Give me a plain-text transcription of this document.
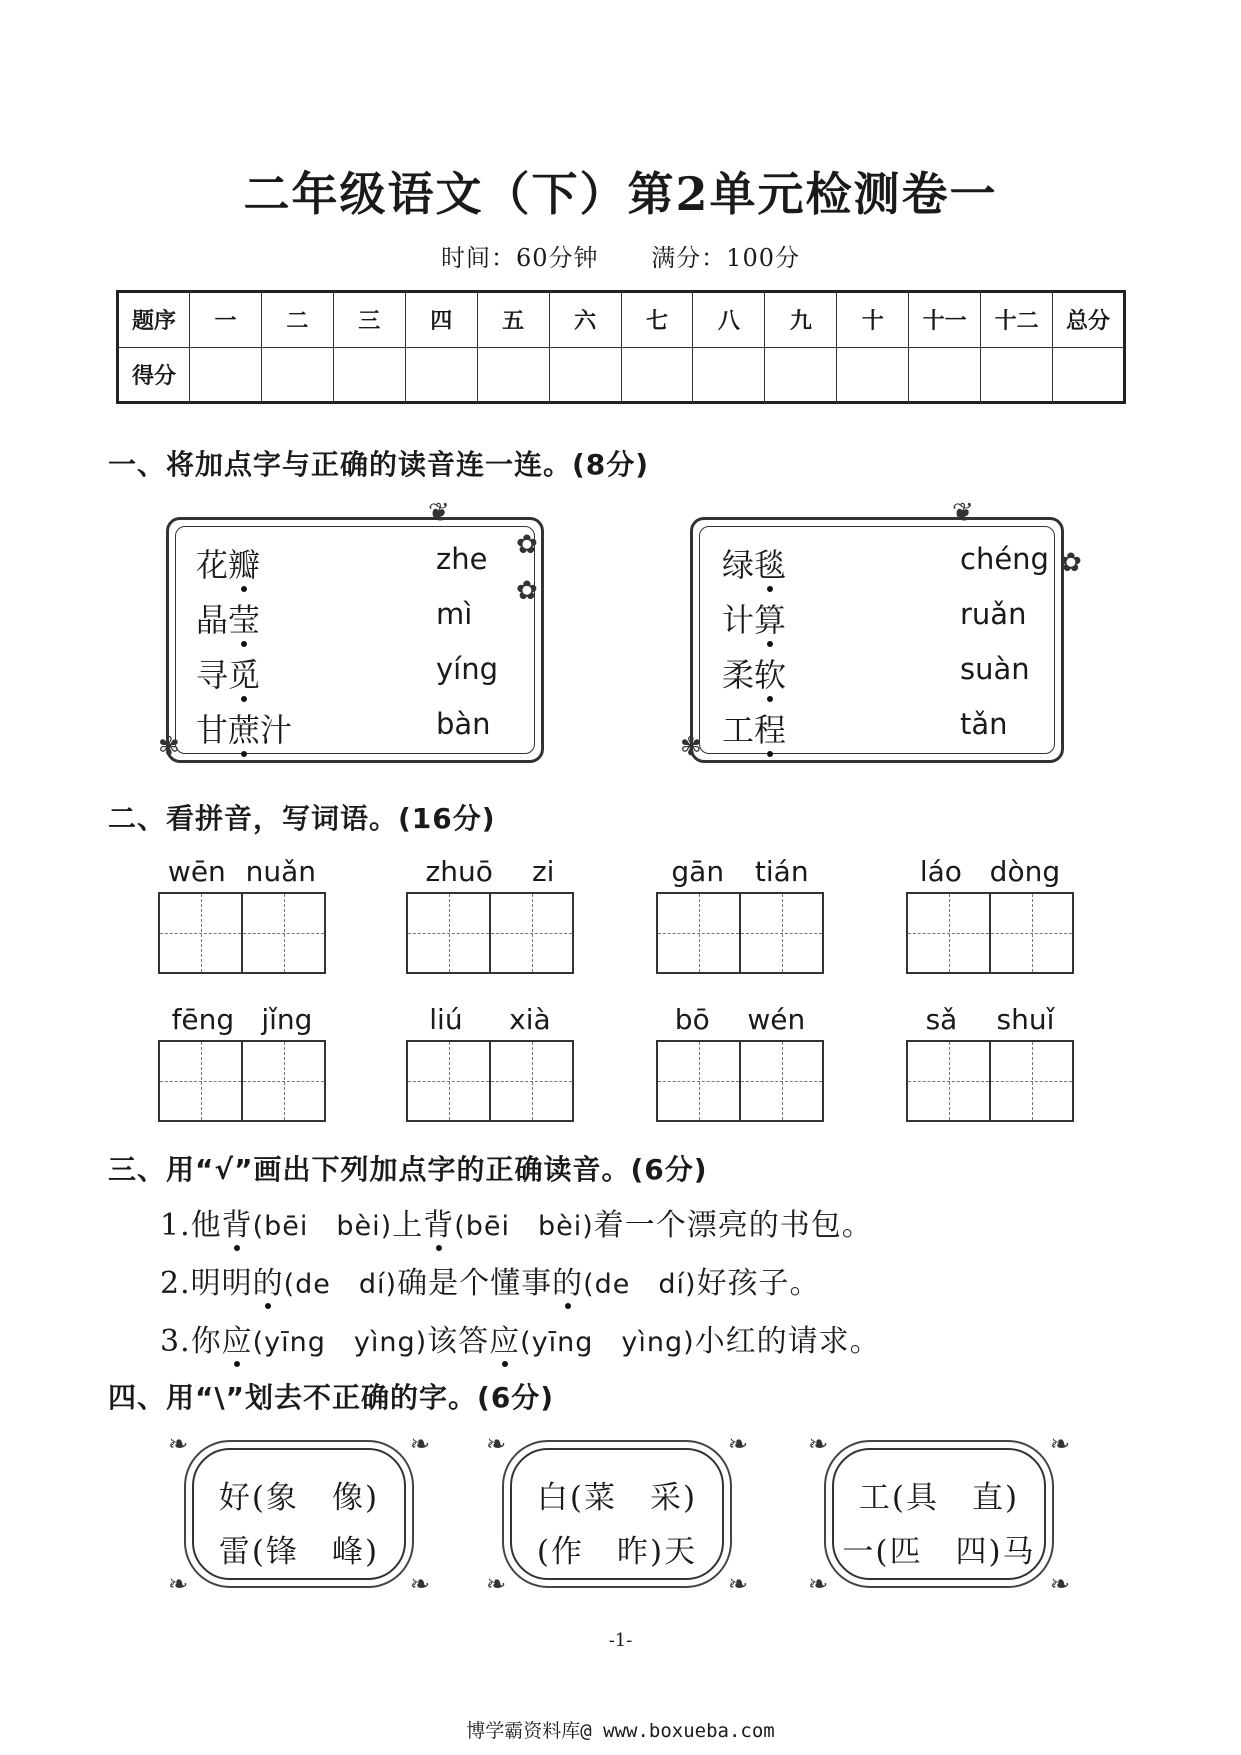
二年级语文（下）第2单元检测卷一
时间：60分钟 满分：100分
题序	一	二	三	四	五	六	七	八	九	十	十一	十二	总分
得分													
一、将加点字与正确的读音连一连。(8分)
❦
✿
✿
✾
❦
✿
✾
花瓣	zhe
晶莹	mì
寻觅	yíng
甘蔗汁	bàn
绿毯	chéng
计算	ruǎn
柔软	suàn
工程	tǎn
二、看拼音，写词语。(16分)
wēn nuǎn	zhuō zi	gān tián	láo dòng
fēng jǐng	liú xià	bō wén	sǎ shuǐ
三、用“√”画出下列加点字的正确读音。(6分)
1.他背(bēi　bèi)上背(bēi　bèi)着一个漂亮的书包。
2.明明的(de　dí)确是个懂事的(de　dí)好孩子。
3.你应(yīng　yìng)该答应(yīng　yìng)小红的请求。
四、用“\”划去不正确的字。(6分)
好(象　像)
雷(锋　峰)
❧	❧
❧	❧
白(菜　采)
(作　昨)天
❧	❧
❧	❧
工(具　直)
一(匹　四)马
❧	❧
❧	❧
-1-
博学霸资料库@ www.boxueba.com
